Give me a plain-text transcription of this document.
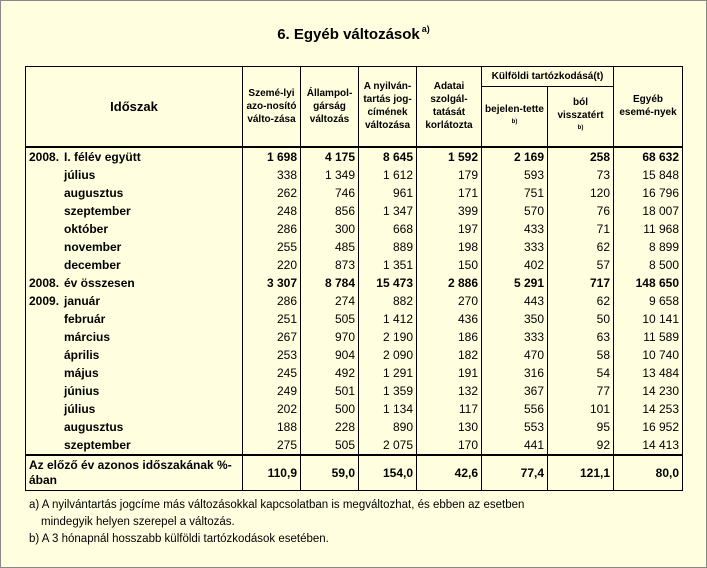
6. Egyéb változások $^{a)}$
Időszak	Szemé-lyi azo-nosító válto-zása	Állampol-gárság változás	A nyilván-tartás jog-címének változása	Adatai szolgál-tatását korlátozta	Külföldi tartózkodásá(t)		Egyéb esemé-nyek
					bejelen-tette $^{b)}$	ból visszatért
$^{b)}$
2008. I. félév együtt	1 698	4 175	8 645	1 592	2 169	258	68 632
július	338	1 349	1 612	179	593	73	15 848
augusztus	262	746	961	171	751	120	16 796
szeptember	248	856	1 347	399	570	76	18 007
október	286	300	668	197	433	71	11 968
november	255	485	889	198	333	62	8 899
december	220	873	1 351	150	402	57	8 500
2008. év összesen	3 307	8 784	15 473	2 886	5 291	717	148 650
2009. január	286	274	882	270	443	62	9 658
február	251	505	1 412	436	350	50	10 141
március	267	970	2 190	186	333	63	11 589
április	253	904	2 090	182	470	58	10 740
május	245	492	1 291	191	316	54	13 484
június	249	501	1 359	132	367	77	14 230
július	202	500	1 134	117	556	101	14 253
augusztus	188	228	890	130	553	95	16 952
szeptember	275	505	2 075	170	441	92	14 413
Az előző év azonos időszakának %-ában	110,9	59,0	154,0	42,6	77,4	121,1	80,0
a) A nyilvántartás jogcíme más változásokkal kapcsolatban is megváltozhat, és ebben az esetben
mindegyik helyen szerepel a változás.
b) A 3 hónapnál hosszabb külföldi tartózkodások esetében.
